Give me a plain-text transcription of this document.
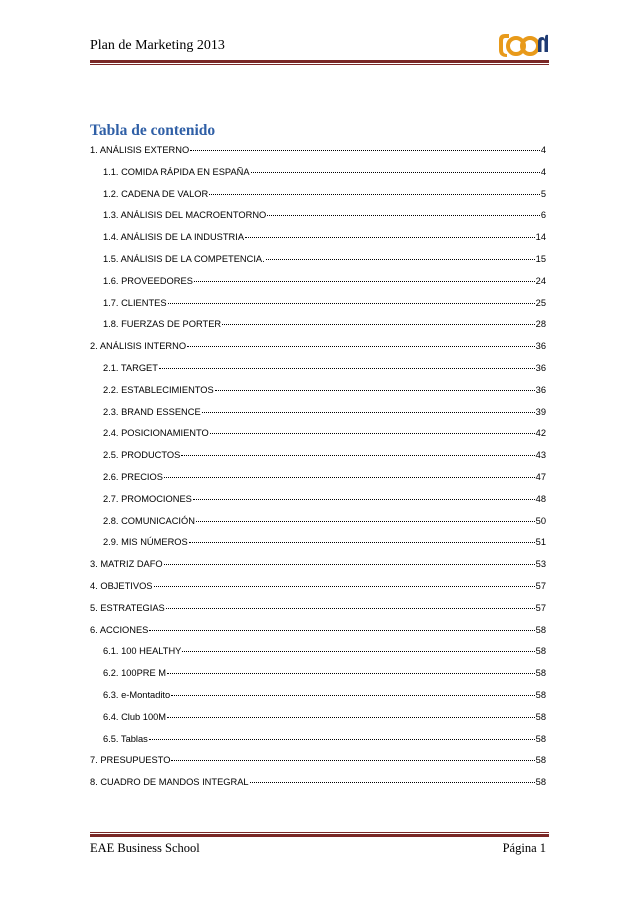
Plan de Marketing 2013
Tabla de contenido
1. ANÁLISIS EXTERNO	4
1.1. COMIDA RÁPIDA EN ESPAÑA	4
1.2. CADENA DE VALOR	5
1.3. ANÁLISIS DEL MACROENTORNO	6
1.4. ANÁLISIS DE LA INDUSTRIA	14
1.5. ANÁLISIS DE LA COMPETENCIA.	15
1.6. PROVEEDORES	24
1.7. CLIENTES	25
1.8. FUERZAS DE PORTER	28
2. ANÁLISIS INTERNO	36
2.1. TARGET	36
2.2. ESTABLECIMIENTOS	36
2.3. BRAND ESSENCE	39
2.4. POSICIONAMIENTO	42
2.5. PRODUCTOS	43
2.6. PRECIOS	47
2.7. PROMOCIONES	48
2.8. COMUNICACIÓN	50
2.9. MIS NÚMEROS	51
3. MATRIZ DAFO	53
4. OBJETIVOS	57
5. ESTRATEGIAS	57
6. ACCIONES	58
6.1. 100 HEALTHY	58
6.2. 100PRE M	58
6.3. e-Montadito	58
6.4. Club 100M	58
6.5. Tablas	58
7. PRESUPUESTO	58
8. CUADRO DE MANDOS INTEGRAL	58
EAE Business School	Página 1
